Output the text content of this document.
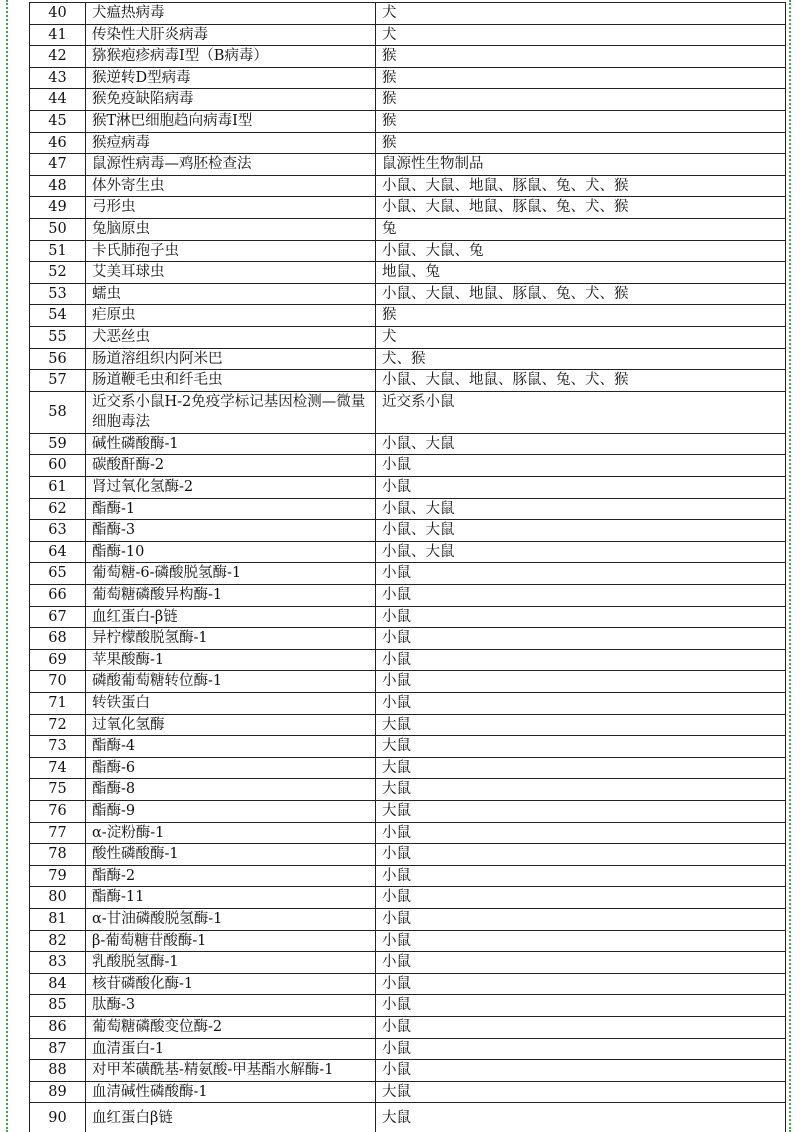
40	犬瘟热病毒	犬
41	传染性犬肝炎病毒	犬
42	猕猴疱疹病毒Ⅰ型（B病毒）	猴
43	猴逆转D型病毒	猴
44	猴免疫缺陷病毒	猴
45	猴T淋巴细胞趋向病毒Ⅰ型	猴
46	猴痘病毒	猴
47	鼠源性病毒—鸡胚检查法	鼠源性生物制品
48	体外寄生虫	小鼠、大鼠、地鼠、豚鼠、兔、犬、猴
49	弓形虫	小鼠、大鼠、地鼠、豚鼠、兔、犬、猴
50	兔脑原虫	兔
51	卡氏肺孢子虫	小鼠、大鼠、兔
52	艾美耳球虫	地鼠、兔
53	蠕虫	小鼠、大鼠、地鼠、豚鼠、兔、犬、猴
54	疟原虫	猴
55	犬恶丝虫	犬
56	肠道溶组织内阿米巴	犬、猴
57	肠道鞭毛虫和纤毛虫	小鼠、大鼠、地鼠、豚鼠、兔、犬、猴
58	近交系小鼠H-2免疫学标记基因检测—微量细胞毒法	近交系小鼠
59	碱性磷酸酶-1	小鼠、大鼠
60	碳酸酐酶-2	小鼠
61	肾过氧化氢酶-2	小鼠
62	酯酶-1	小鼠、大鼠
63	酯酶-3	小鼠、大鼠
64	酯酶-10	小鼠、大鼠
65	葡萄糖-6-磷酸脱氢酶-1	小鼠
66	葡萄糖磷酸异构酶-1	小鼠
67	血红蛋白-β链	小鼠
68	异柠檬酸脱氢酶-1	小鼠
69	苹果酸酶-1	小鼠
70	磷酸葡萄糖转位酶-1	小鼠
71	转铁蛋白	小鼠
72	过氧化氢酶	大鼠
73	酯酶-4	大鼠
74	酯酶-6	大鼠
75	酯酶-8	大鼠
76	酯酶-9	大鼠
77	α-淀粉酶-1	小鼠
78	酸性磷酸酶-1	小鼠
79	酯酶-2	小鼠
80	酯酶-11	小鼠
81	α-甘油磷酸脱氢酶-1	小鼠
82	β-葡萄糖苷酸酶-1	小鼠
83	乳酸脱氢酶-1	小鼠
84	核苷磷酸化酶-1	小鼠
85	肽酶-3	小鼠
86	葡萄糖磷酸变位酶-2	小鼠
87	血清蛋白-1	小鼠
88	对甲苯磺酰基-精氨酸-甲基酯水解酶-1	小鼠
89	血清碱性磷酸酶-1	大鼠
90	血红蛋白β链	大鼠
